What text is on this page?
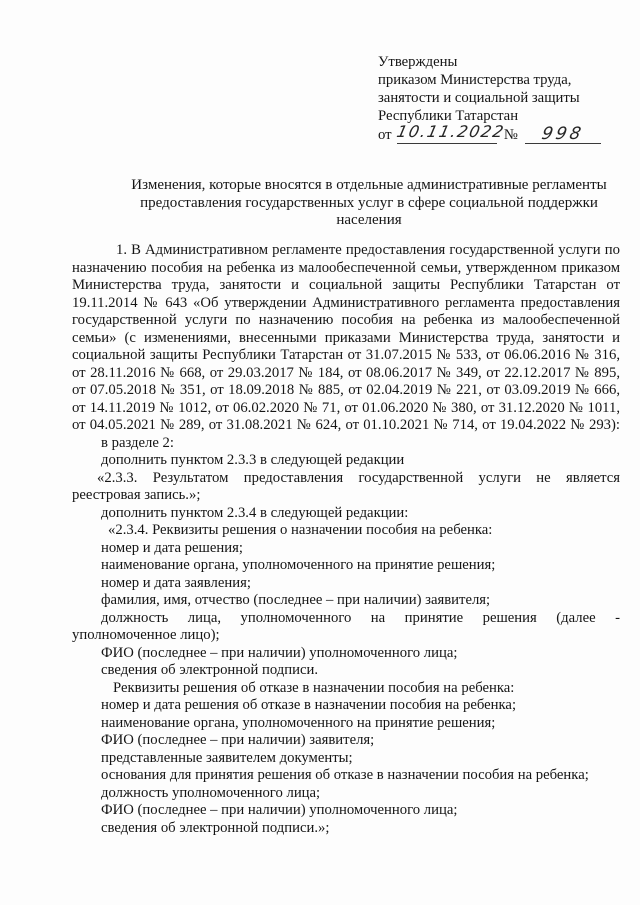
Утверждены
приказом Министерства труда,
занятости и социальной защиты
Республики Татарстан
от 10.11.2022 № 998
Изменения, которые вносятся в отдельные административные регламенты
предоставления государственных услуг в сфере социальной поддержки
населения
1. В Административном регламенте предоставления государственной услуги по
назначению пособия на ребенка из малообеспеченной семьи, утвержденном приказом
Министерства труда, занятости и социальной защиты Республики Татарстан от
19.11.2014 № 643 «Об утверждении Административного регламента предоставления
государственной услуги по назначению пособия на ребенка из малообеспеченной
семьи» (с изменениями, внесенными приказами Министерства труда, занятости и
социальной защиты Республики Татарстан от 31.07.2015 № 533, от 06.06.2016 № 316,
от 28.11.2016 № 668, от 29.03.2017 № 184, от 08.06.2017 № 349, от 22.12.2017 № 895,
от 07.05.2018 № 351, от 18.09.2018 № 885, от 02.04.2019 № 221, от 03.09.2019 № 666,
от 14.11.2019 № 1012, от 06.02.2020 № 71, от 01.06.2020 № 380, от 31.12.2020 № 1011,
от 04.05.2021 № 289, от 31.08.2021 № 624, от 01.10.2021 № 714, от 19.04.2022 № 293):
в разделе 2:
дополнить пунктом 2.3.3 в следующей редакции
«2.3.3. Результатом предоставления государственной услуги не является
реестровая запись.»;
дополнить пунктом 2.3.4 в следующей редакции:
«2.3.4. Реквизиты решения о назначении пособия на ребенка:
номер и дата решения;
наименование органа, уполномоченного на принятие решения;
номер и дата заявления;
фамилия, имя, отчество (последнее – при наличии) заявителя;
должность лица, уполномоченного на принятие решения (далее -
уполномоченное лицо);
ФИО (последнее – при наличии) уполномоченного лица;
сведения об электронной подписи.
Реквизиты решения об отказе в назначении пособия на ребенка:
номер и дата решения об отказе в назначении пособия на ребенка;
наименование органа, уполномоченного на принятие решения;
ФИО (последнее – при наличии) заявителя;
представленные заявителем документы;
основания для принятия решения об отказе в назначении пособия на ребенка;
должность уполномоченного лица;
ФИО (последнее – при наличии) уполномоченного лица;
сведения об электронной подписи.»;
